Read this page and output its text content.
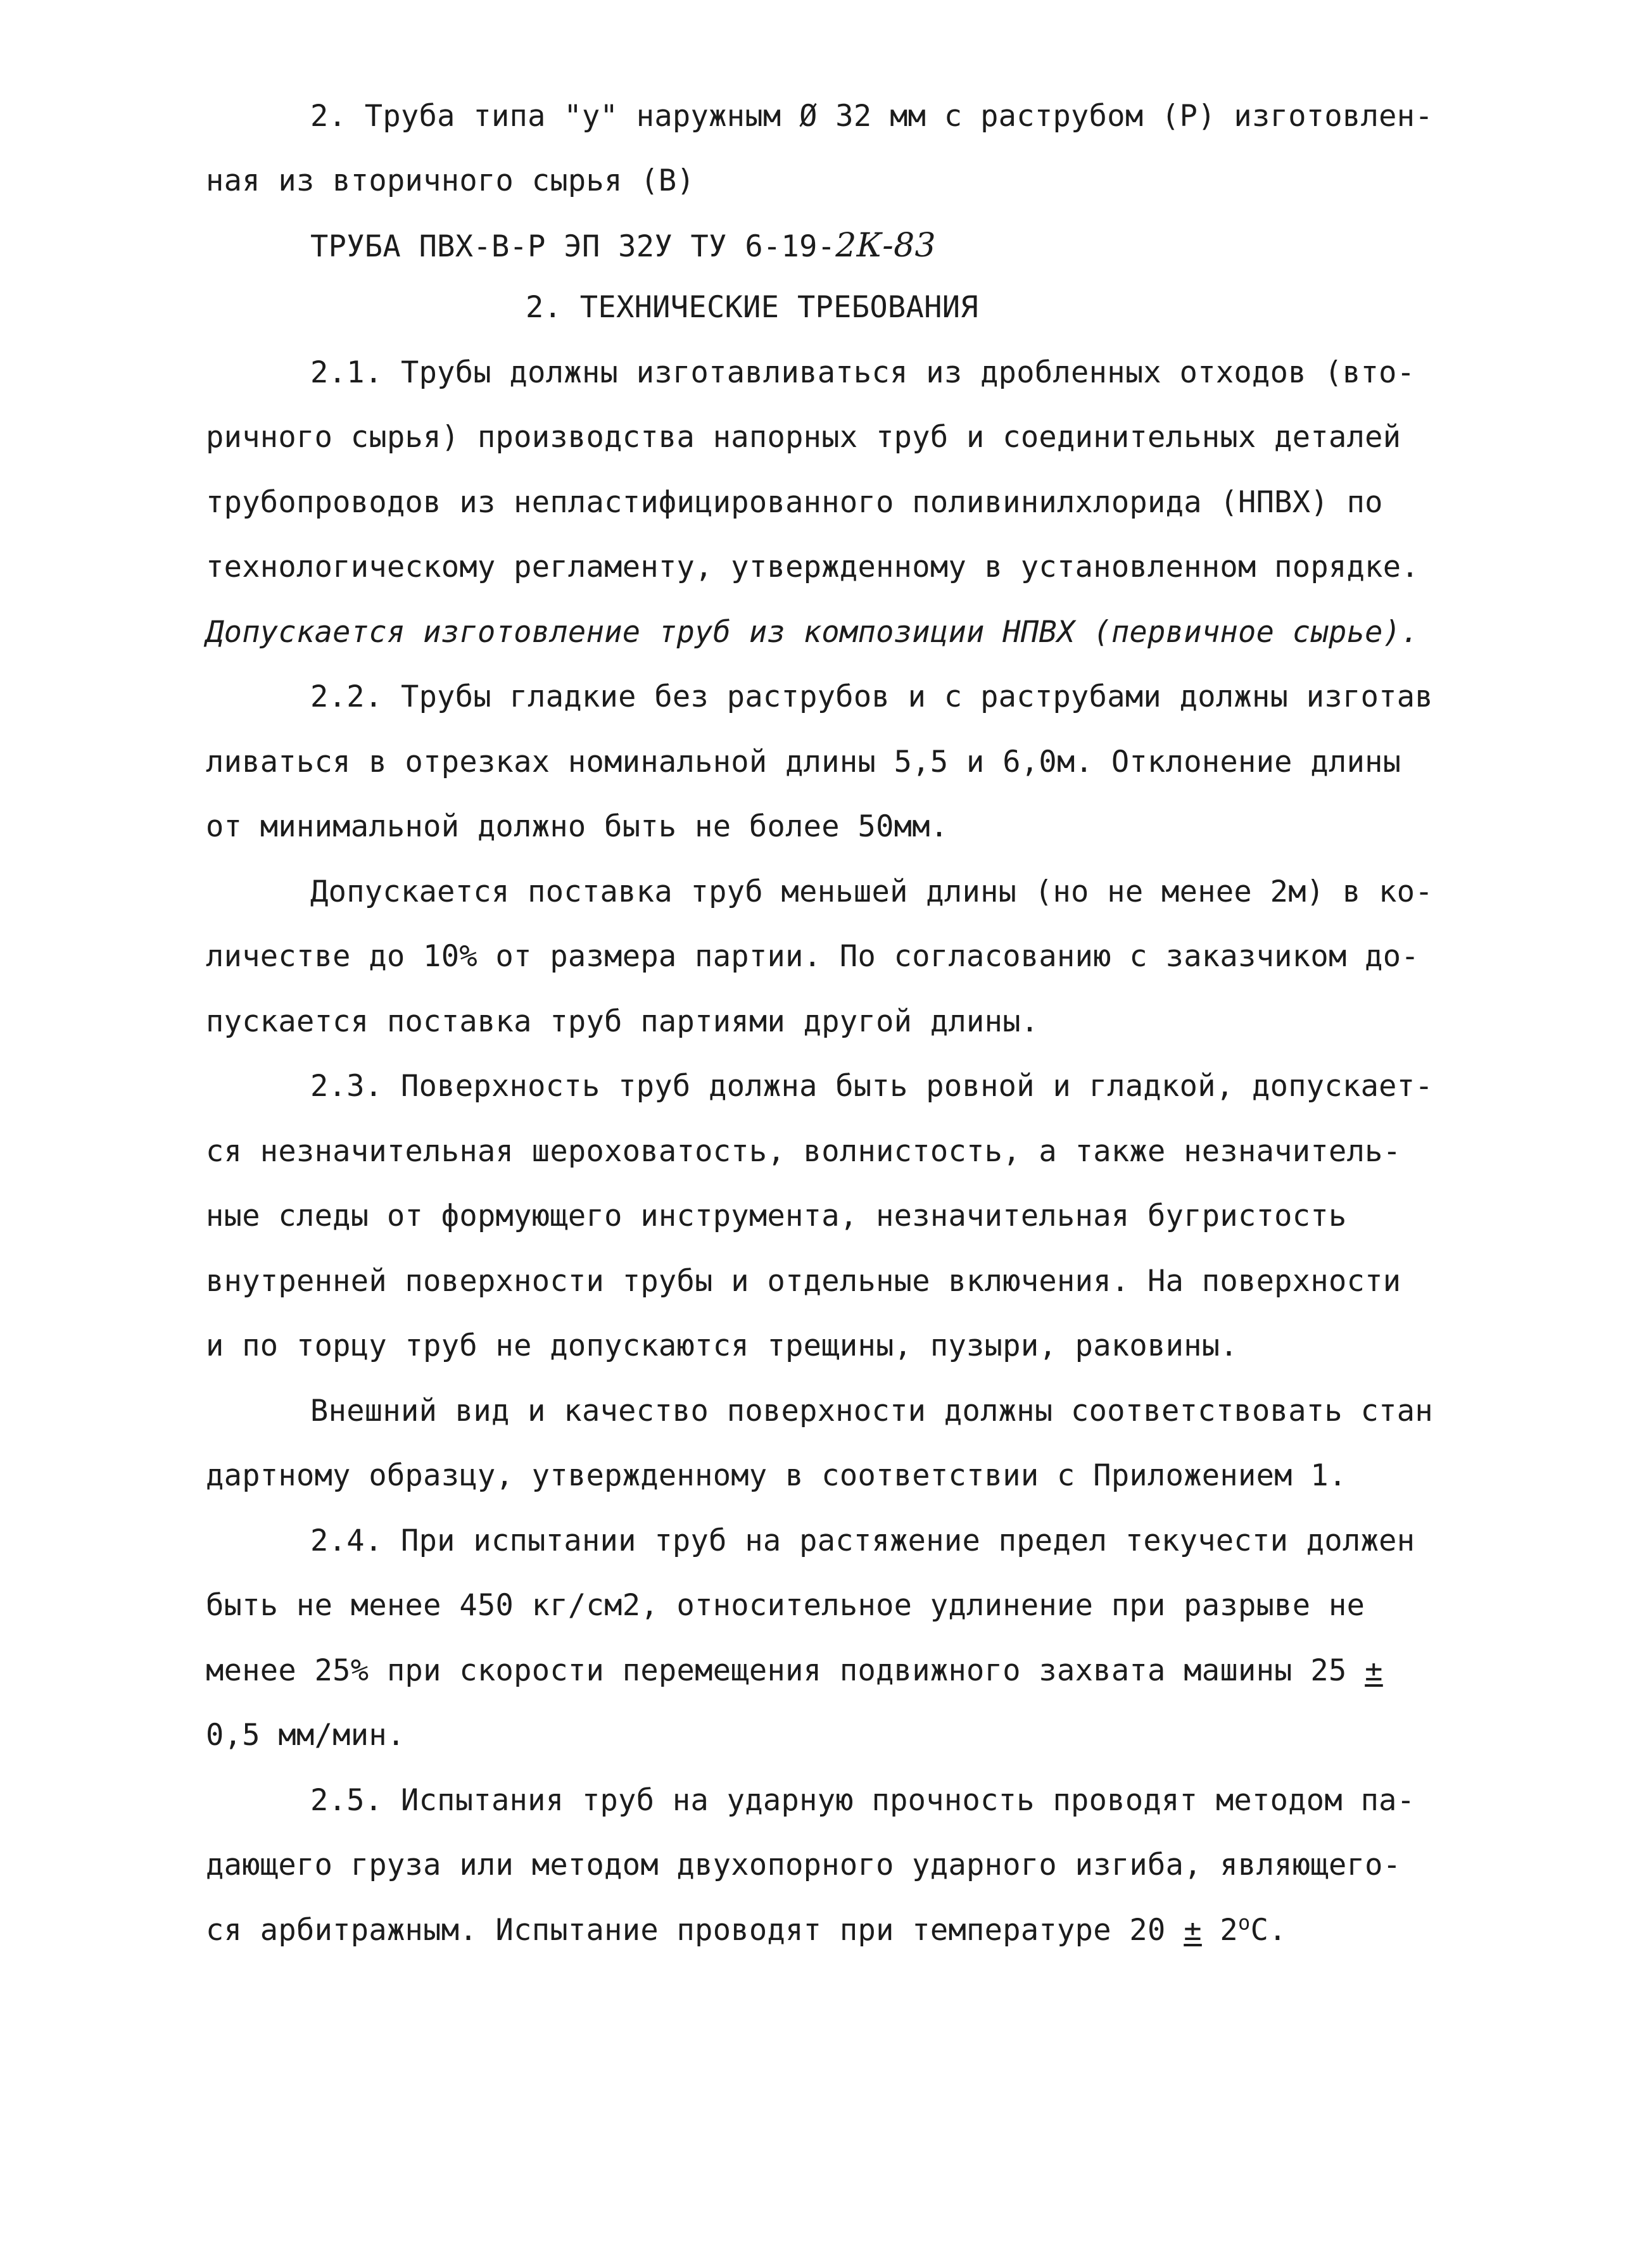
2. Труба типа "у" наружным Ø 32 мм с раструбом (Р) изготовлен-
ная из вторичного сырья (В)
ТРУБА ПВХ-В-Р ЭП 32У ТУ 6-19-2К-83
2. ТЕХНИЧЕСКИЕ ТРЕБОВАНИЯ
2.1. Трубы должны изготавливаться из дробленных отходов (вто-
ричного сырья) производства напорных труб и соединительных деталей
трубопроводов из непластифицированного поливинилхлорида (НПВХ) по
технологическому регламенту, утвержденному в установленном порядке.
Допускается изготовление труб из композиции НПВХ (первичное сырье).
2.2. Трубы гладкие без раструбов и с раструбами должны изготав
ливаться в отрезках номинальной длины 5,5 и 6,0м. Отклонение длины
от минимальной должно быть не более 50мм.
Допускается поставка труб меньшей длины (но не менее 2м) в ко-
личестве до 10% от размера партии. По согласованию с заказчиком до-
пускается поставка труб партиями другой длины.
2.3. Поверхность труб должна быть ровной и гладкой, допускает-
ся незначительная шероховатость, волнистость, а также незначитель-
ные следы от формующего инструмента, незначительная бугристость
внутренней поверхности трубы и отдельные включения. На поверхности
и по торцу труб не допускаются трещины, пузыри, раковины.
Внешний вид и качество поверхности должны соответствовать стан
дартному образцу, утвержденному в соответствии с Приложением 1.
2.4. При испытании труб на растяжение предел текучести должен
быть не менее 450 кг/см2, относительное удлинение при разрыве не
менее 25% при скорости перемещения подвижного захвата машины 25 ±
0,5 мм/мин.
2.5. Испытания труб на ударную прочность проводят методом па-
дающего груза или методом двухопорного ударного изгиба, являющего-
ся арбитражным. Испытание проводят при температуре $20 \pm 2^оС$.
